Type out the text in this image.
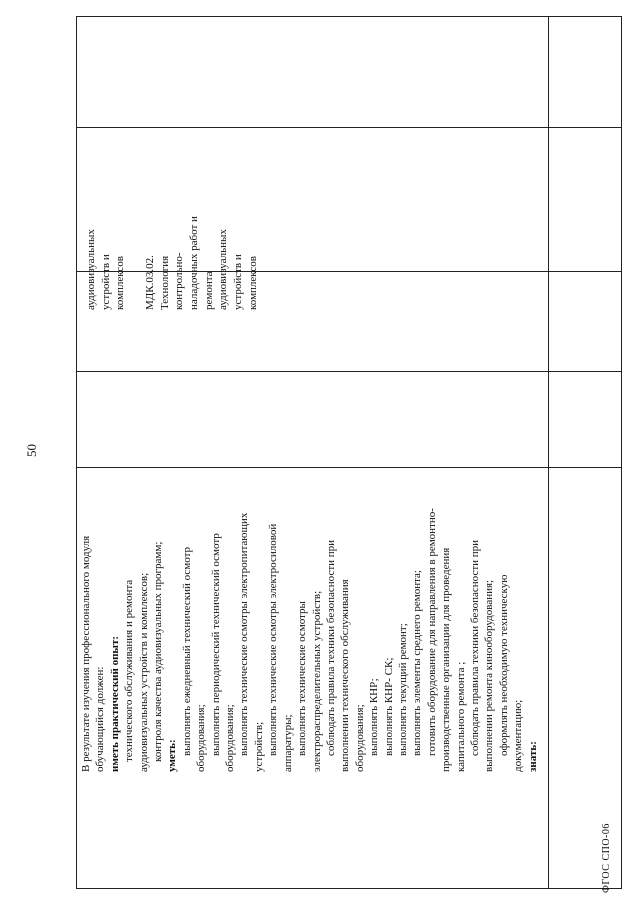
50
В результате изучения профессионального модуля обучающийся должен: иметь практический опыт: технического обслуживания и ремонта аудиовизуальных устройств и комплексов; контроля качества аудиовизуальных программ; уметь: выполнять ежедневный технический осмотр оборудования; выполнять периодический технический осмотр оборудования; выполнять технические осмотры электропитающих устройств; выполнять технические осмотры электросиловой аппаратуры; выполнять технические осмотры электрораспределительных устройств; соблюдать правила техники безопасности при выполнении технического обслуживания оборудования; выполнять КНР; выполнять КНР- СК; выполнять текущий ремонт; выполнять элементы среднего ремонта; готовить оборудование для направления в ремонтно- производственные организации для проведения капитального ремонта ; соблюдать правила техники безопасности при выполнении ремонта кинооборудования; оформлять необходимую техническую документацию; знать:
аудиовизуальных устройств и комплексов МДК.03.02. Технология контрольно- наладочных работ и ремонта аудиовизуальных устройств и комплексов
ФГОС СПО-06
